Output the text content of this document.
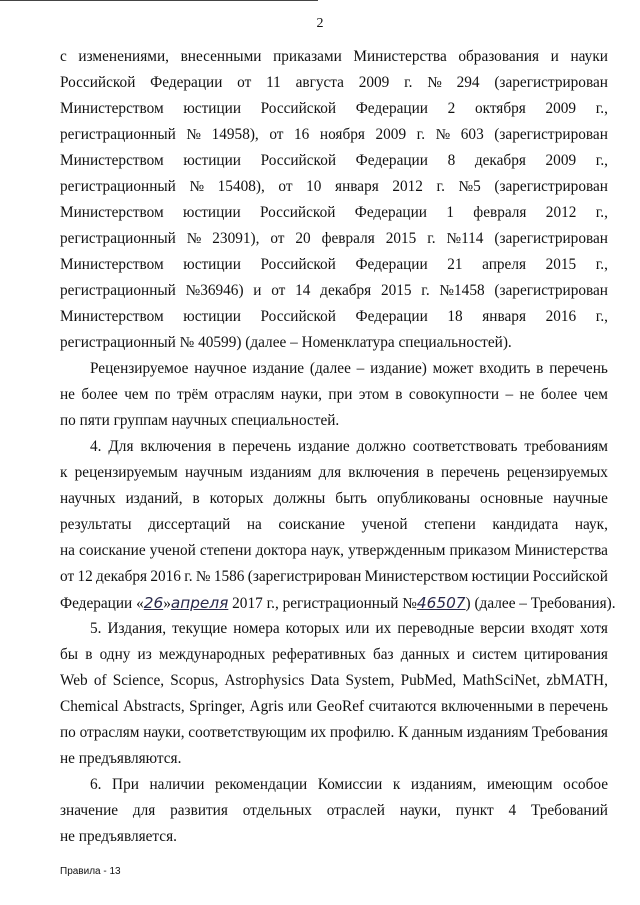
2
с изменениями, внесенными приказами Министерства образования и науки
Российской Федерации от 11 августа 2009 г. № 294 (зарегистрирован
Министерством юстиции Российской Федерации 2 октября 2009 г.,
регистрационный № 14958), от 16 ноября 2009 г. № 603 (зарегистрирован
Министерством юстиции Российской Федерации 8 декабря 2009 г.,
регистрационный № 15408), от 10 января 2012 г. №5 (зарегистрирован
Министерством юстиции Российской Федерации 1 февраля 2012 г.,
регистрационный № 23091), от 20 февраля 2015 г. №114 (зарегистрирован
Министерством юстиции Российской Федерации 21 апреля 2015 г.,
регистрационный №36946) и от 14 декабря 2015 г. №1458 (зарегистрирован
Министерством юстиции Российской Федерации 18 января 2016 г.,
регистрационный № 40599) (далее – Номенклатура специальностей).
Рецензируемое научное издание (далее – издание) может входить в перечень
не более чем по трём отраслям науки, при этом в совокупности – не более чем
по пяти группам научных специальностей.
4. Для включения в перечень издание должно соответствовать требованиям
к рецензируемым научным изданиям для включения в перечень рецензируемых
научных изданий, в которых должны быть опубликованы основные научные
результаты диссертаций на соискание ученой степени кандидата наук,
на соискание ученой степени доктора наук, утвержденным приказом Министерства
от 12 декабря 2016 г. № 1586 (зарегистрирован Министерством юстиции Российской
Федерации «26»апреля 2017 г., регистрационный №46507) (далее – Требования).
5. Издания, текущие номера которых или их переводные версии входят хотя
бы в одну из международных реферативных баз данных и систем цитирования
Web of Science, Scopus, Astrophysics Data System, PubMed, MathSciNet, zbMATH,
Chemical Abstracts, Springer, Agris или GeoRef считаются включенными в перечень
по отраслям науки, соответствующим их профилю. К данным изданиям Требования
не предъявляются.
6. При наличии рекомендации Комиссии к изданиям, имеющим особое
значение для развития отдельных отраслей науки, пункт 4 Требований
не предъявляется.
Правила - 13
